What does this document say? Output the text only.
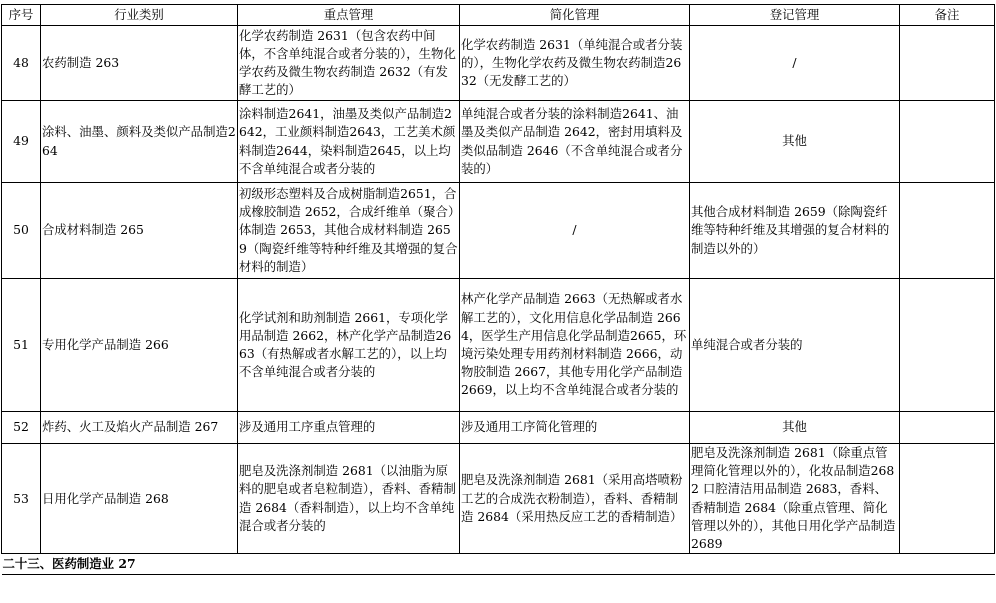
序号	行业类别	重点管理	简化管理	登记管理	备注
48	农药制造 263	化学农药制造 2631（包含农药中间体，不含单纯混合或者分装的），生物化学农药及微生物农药制造 2632（有发酵工艺的）	化学农药制造 2631（单纯混合或者分装的），生物化学农药及微生物农药制造2632（无发酵工艺的）	/	
49	涂料、油墨、颜料及类似产品制造264	涂料制造2641，油墨及类似产品制造2642，工业颜料制造2643，工艺美术颜料制造2644，染料制造2645，以上均不含单纯混合或者分装的	单纯混合或者分装的涂料制造2641、油墨及类似产品制造 2642，密封用填料及类似品制造 2646（不含单纯混合或者分装的）	其他	
50	合成材料制造 265	初级形态塑料及合成树脂制造2651，合成橡胶制造 2652，合成纤维单（聚合）体制造 2653，其他合成材料制造 2659（陶瓷纤维等特种纤维及其增强的复合材料的制造）	/	其他合成材料制造 2659（除陶瓷纤维等特种纤维及其增强的复合材料的制造以外的）	
51	专用化学产品制造 266	化学试剂和助剂制造 2661，专项化学用品制造 2662，林产化学产品制造2663（有热解或者水解工艺的），以上均不含单纯混合或者分装的	林产化学产品制造 2663（无热解或者水解工艺的），文化用信息化学品制造 2664，医学生产用信息化学品制造2665，环境污染处理专用药剂材料制造 2666，动物胶制造 2667，其他专用化学产品制造 2669，以上均不含单纯混合或者分装的	单纯混合或者分装的	
52	炸药、火工及焰火产品制造 267	涉及通用工序重点管理的	涉及通用工序简化管理的	其他	
53	日用化学产品制造 268	肥皂及洗涤剂制造 2681（以油脂为原料的肥皂或者皂粒制造），香料、香精制造 2684（香料制造），以上均不含单纯混合或者分装的	肥皂及洗涤剂制造 2681（采用高塔喷粉工艺的合成洗衣粉制造），香料、香精制造 2684（采用热反应工艺的香精制造）	肥皂及洗涤剂制造 2681（除重点管理简化管理以外的），化妆品制造2682 口腔清洁用品制造 2683，香料、香精制造 2684（除重点管理、简化管理以外的），其他日用化学产品制造 2689	
二十三、医药制造业 27					
